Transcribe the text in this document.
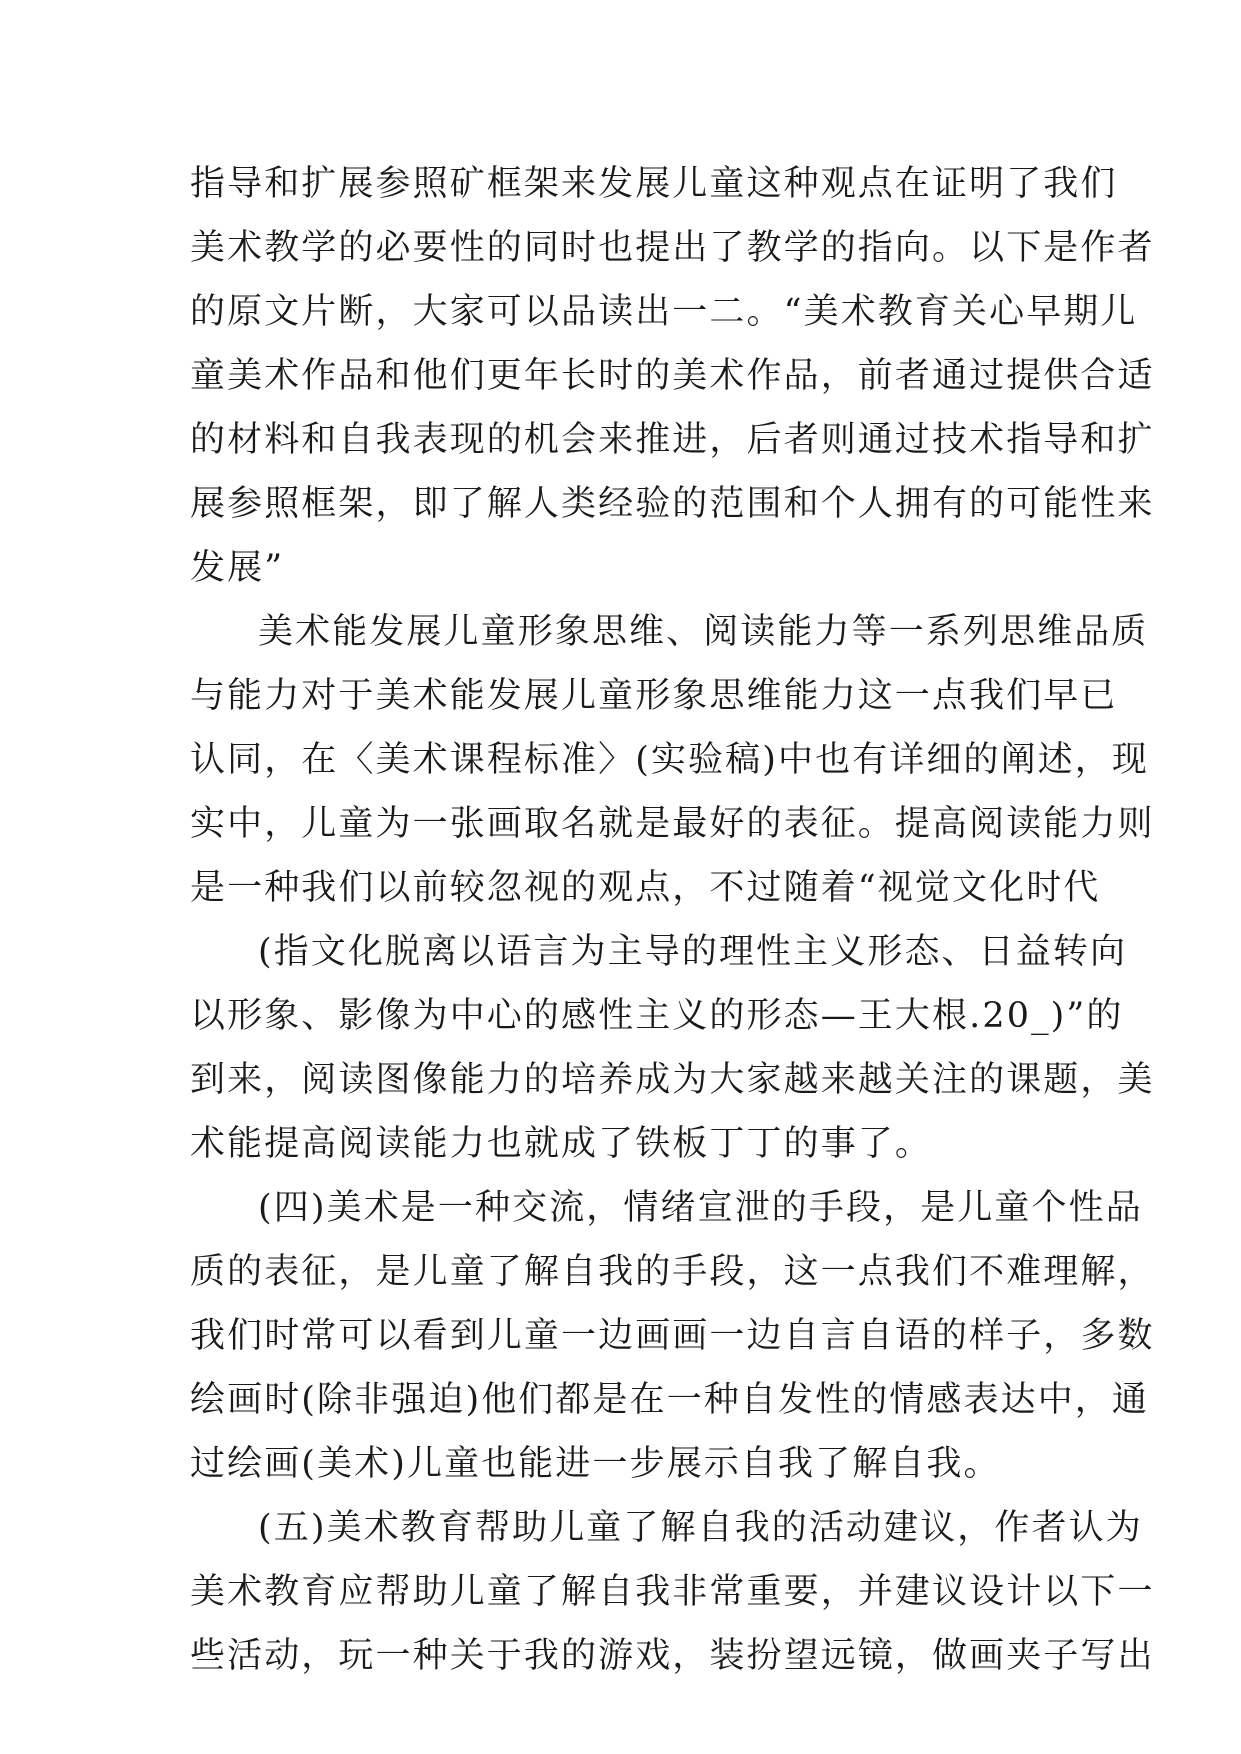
指导和扩展参照矿框架来发展儿童这种观点在证明了我们
美术教学的必要性的同时也提出了教学的指向。以下是作者
的原文片断，大家可以品读出一二。“美术教育关心早期儿
童美术作品和他们更年长时的美术作品，前者通过提供合适
的材料和自我表现的机会来推进，后者则通过技术指导和扩
展参照框架，即了解人类经验的范围和个人拥有的可能性来
发展”
美术能发展儿童形象思维、阅读能力等一系列思维品质
与能力对于美术能发展儿童形象思维能力这一点我们早已
认同，在〈美术课程标准〉(实验稿)中也有详细的阐述，现
实中，儿童为一张画取名就是最好的表征。提高阅读能力则
是一种我们以前较忽视的观点，不过随着“视觉文化时代
(指文化脱离以语言为主导的理性主义形态、日益转向
以形象、影像为中心的感性主义的形态—王大根.20_)”的
到来，阅读图像能力的培养成为大家越来越关注的课题，美
术能提高阅读能力也就成了铁板丁丁的事了。
(四)美术是一种交流，情绪宣泄的手段，是儿童个性品
质的表征，是儿童了解自我的手段，这一点我们不难理解，
我们时常可以看到儿童一边画画一边自言自语的样子，多数
绘画时(除非强迫)他们都是在一种自发性的情感表达中，通
过绘画(美术)儿童也能进一步展示自我了解自我。
(五)美术教育帮助儿童了解自我的活动建议，作者认为
美术教育应帮助儿童了解自我非常重要，并建议设计以下一
些活动，玩一种关于我的游戏，装扮望远镜，做画夹子写出
